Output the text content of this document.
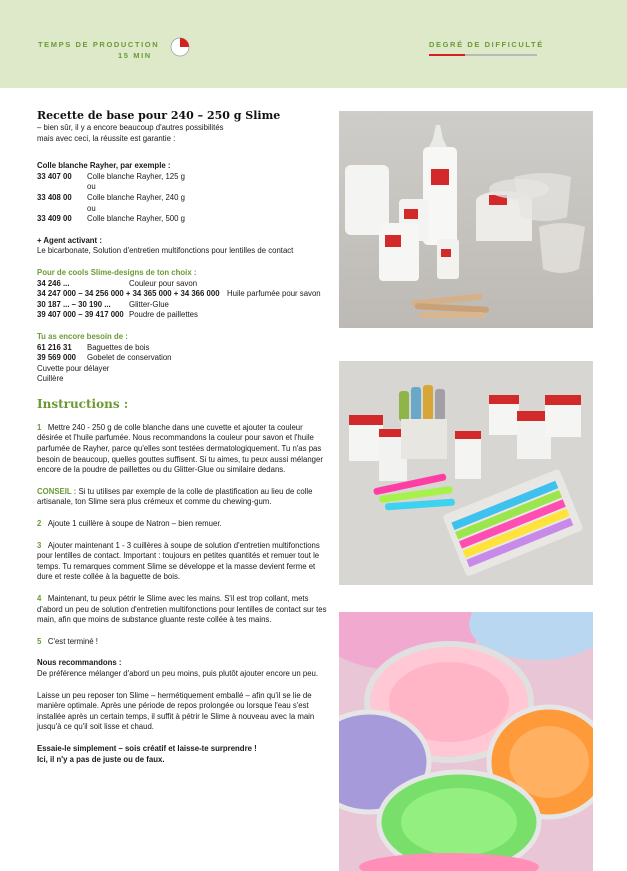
TEMPS DE PRODUCTION
15 MIN
DEGRÉ DE DIFFICULTÉ

Recette de base pour 240 – 250 g Slime

– bien sûr, il y a encore beaucoup d'autres possibilités

mais avec ceci, la réussite est garantie :

Colle blanche Rayher, par exemple :

33 407 00	Colle blanche Rayher, 125 g

ou

33 408 00	Colle blanche Rayher, 240 g

ou

33 409 00	Colle blanche Rayher, 500 g

+ Agent activant :

Le bicarbonate, Solution d'entretien multifonctions pour lentilles de contact

Pour de cools Slime-designs de ton choix :

34 246 ...	Couleur pour savon
34 247 000 – 34 256 000 + 34 365 000 + 34 366 000 Huile parfumée pour savon
30 187 ... – 30 190 ...	Glitter-Glue
39 407 000 – 39 417 000 Poudre de paillettes

Tu as encore besoin de :

61 216 31	Baguettes de bois
39 569 000	Gobelet de conservation

Cuvette pour délayer

Cuillère

Instructions :

1 Mettre 240 - 250 g de colle blanche dans une cuvette et ajouter ta couleur désirée et l'huile parfumée. Nous recommandons la couleur pour savon et l'huile parfumée de Rayher, parce qu'elles sont testées dermatologiquement. Tu n'as pas besoin de beaucoup, quelles gouttes suffisent. Si tu aimes, tu peux aussi mélanger encore de la poudre de paillettes ou du Glitter-Glue ou similaire dedans.

CONSEIL : Si tu utilises par exemple de la colle de plastification au lieu de colle artisanale, ton Slime sera plus crémeux et comme du chewing-gum.

2 Ajoute 1 cuillère à soupe de Natron – bien remuer.

3 Ajouter maintenant 1 - 3 cuillères à soupe de solution d'entretien multifonctions pour lentilles de contact. Important : toujours en petites quantités et remuer tout le temps. Tu remarques comment Slime se développe et la masse devient ferme et dure et reste collée à la baguette de bois.

4 Maintenant, tu peux pétrir le Slime avec les mains. S'il est trop collant, mets d'abord un peu de solution d'entretien multifonctions pour lentilles de contact sur tes main, afin que moins de substance gluante reste collée à tes mains.

5 C'est terminé !

Nous recommandons :

De préférence mélanger d'abord un peu moins, puis plutôt ajouter encore un peu.

Laisse un peu reposer ton Slime – hermétiquement emballé – afin qu'il se lie de manière optimale. Après une période de repos prolongée ou lorsque l'eau s'est installée après un certain temps, il suffit à pétrir le Slime à nouveau avec la main jusqu'à ce qu'il soit lisse et chaud.

Essaie-le simplement – sois créatif et laisse-te surprendre !

Ici, il n'y a pas de juste ou de faux.
